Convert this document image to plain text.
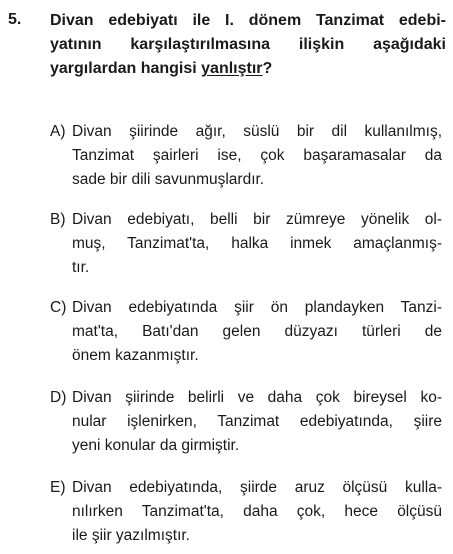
5. Divan edebiyatı ile I. dönem Tanzimat edebi-
yatının karşılaştırılmasına ilişkin aşağıdaki
yargılardan hangisi yanlıştır?
A) Divan şiirinde ağır, süslü bir dil kullanılmış,
Tanzimat şairleri ise, çok başaramasalar da
sade bir dili savunmuşlardır.
B) Divan edebiyatı, belli bir zümreye yönelik ol-
muş, Tanzimat'ta, halka inmek amaçlanmış-
tır.
C) Divan edebiyatında şiir ön plandayken Tanzi-
mat'ta, Batı'dan gelen düzyazı türleri de
önem kazanmıştır.
D) Divan şiirinde belirli ve daha çok bireysel ko-
nular işlenirken, Tanzimat edebiyatında, şiire
yeni konular da girmiştir.
E) Divan edebiyatında, şiirde aruz ölçüsü kulla-
nılırken Tanzimat'ta, daha çok, hece ölçüsü
ile şiir yazılmıştır.
